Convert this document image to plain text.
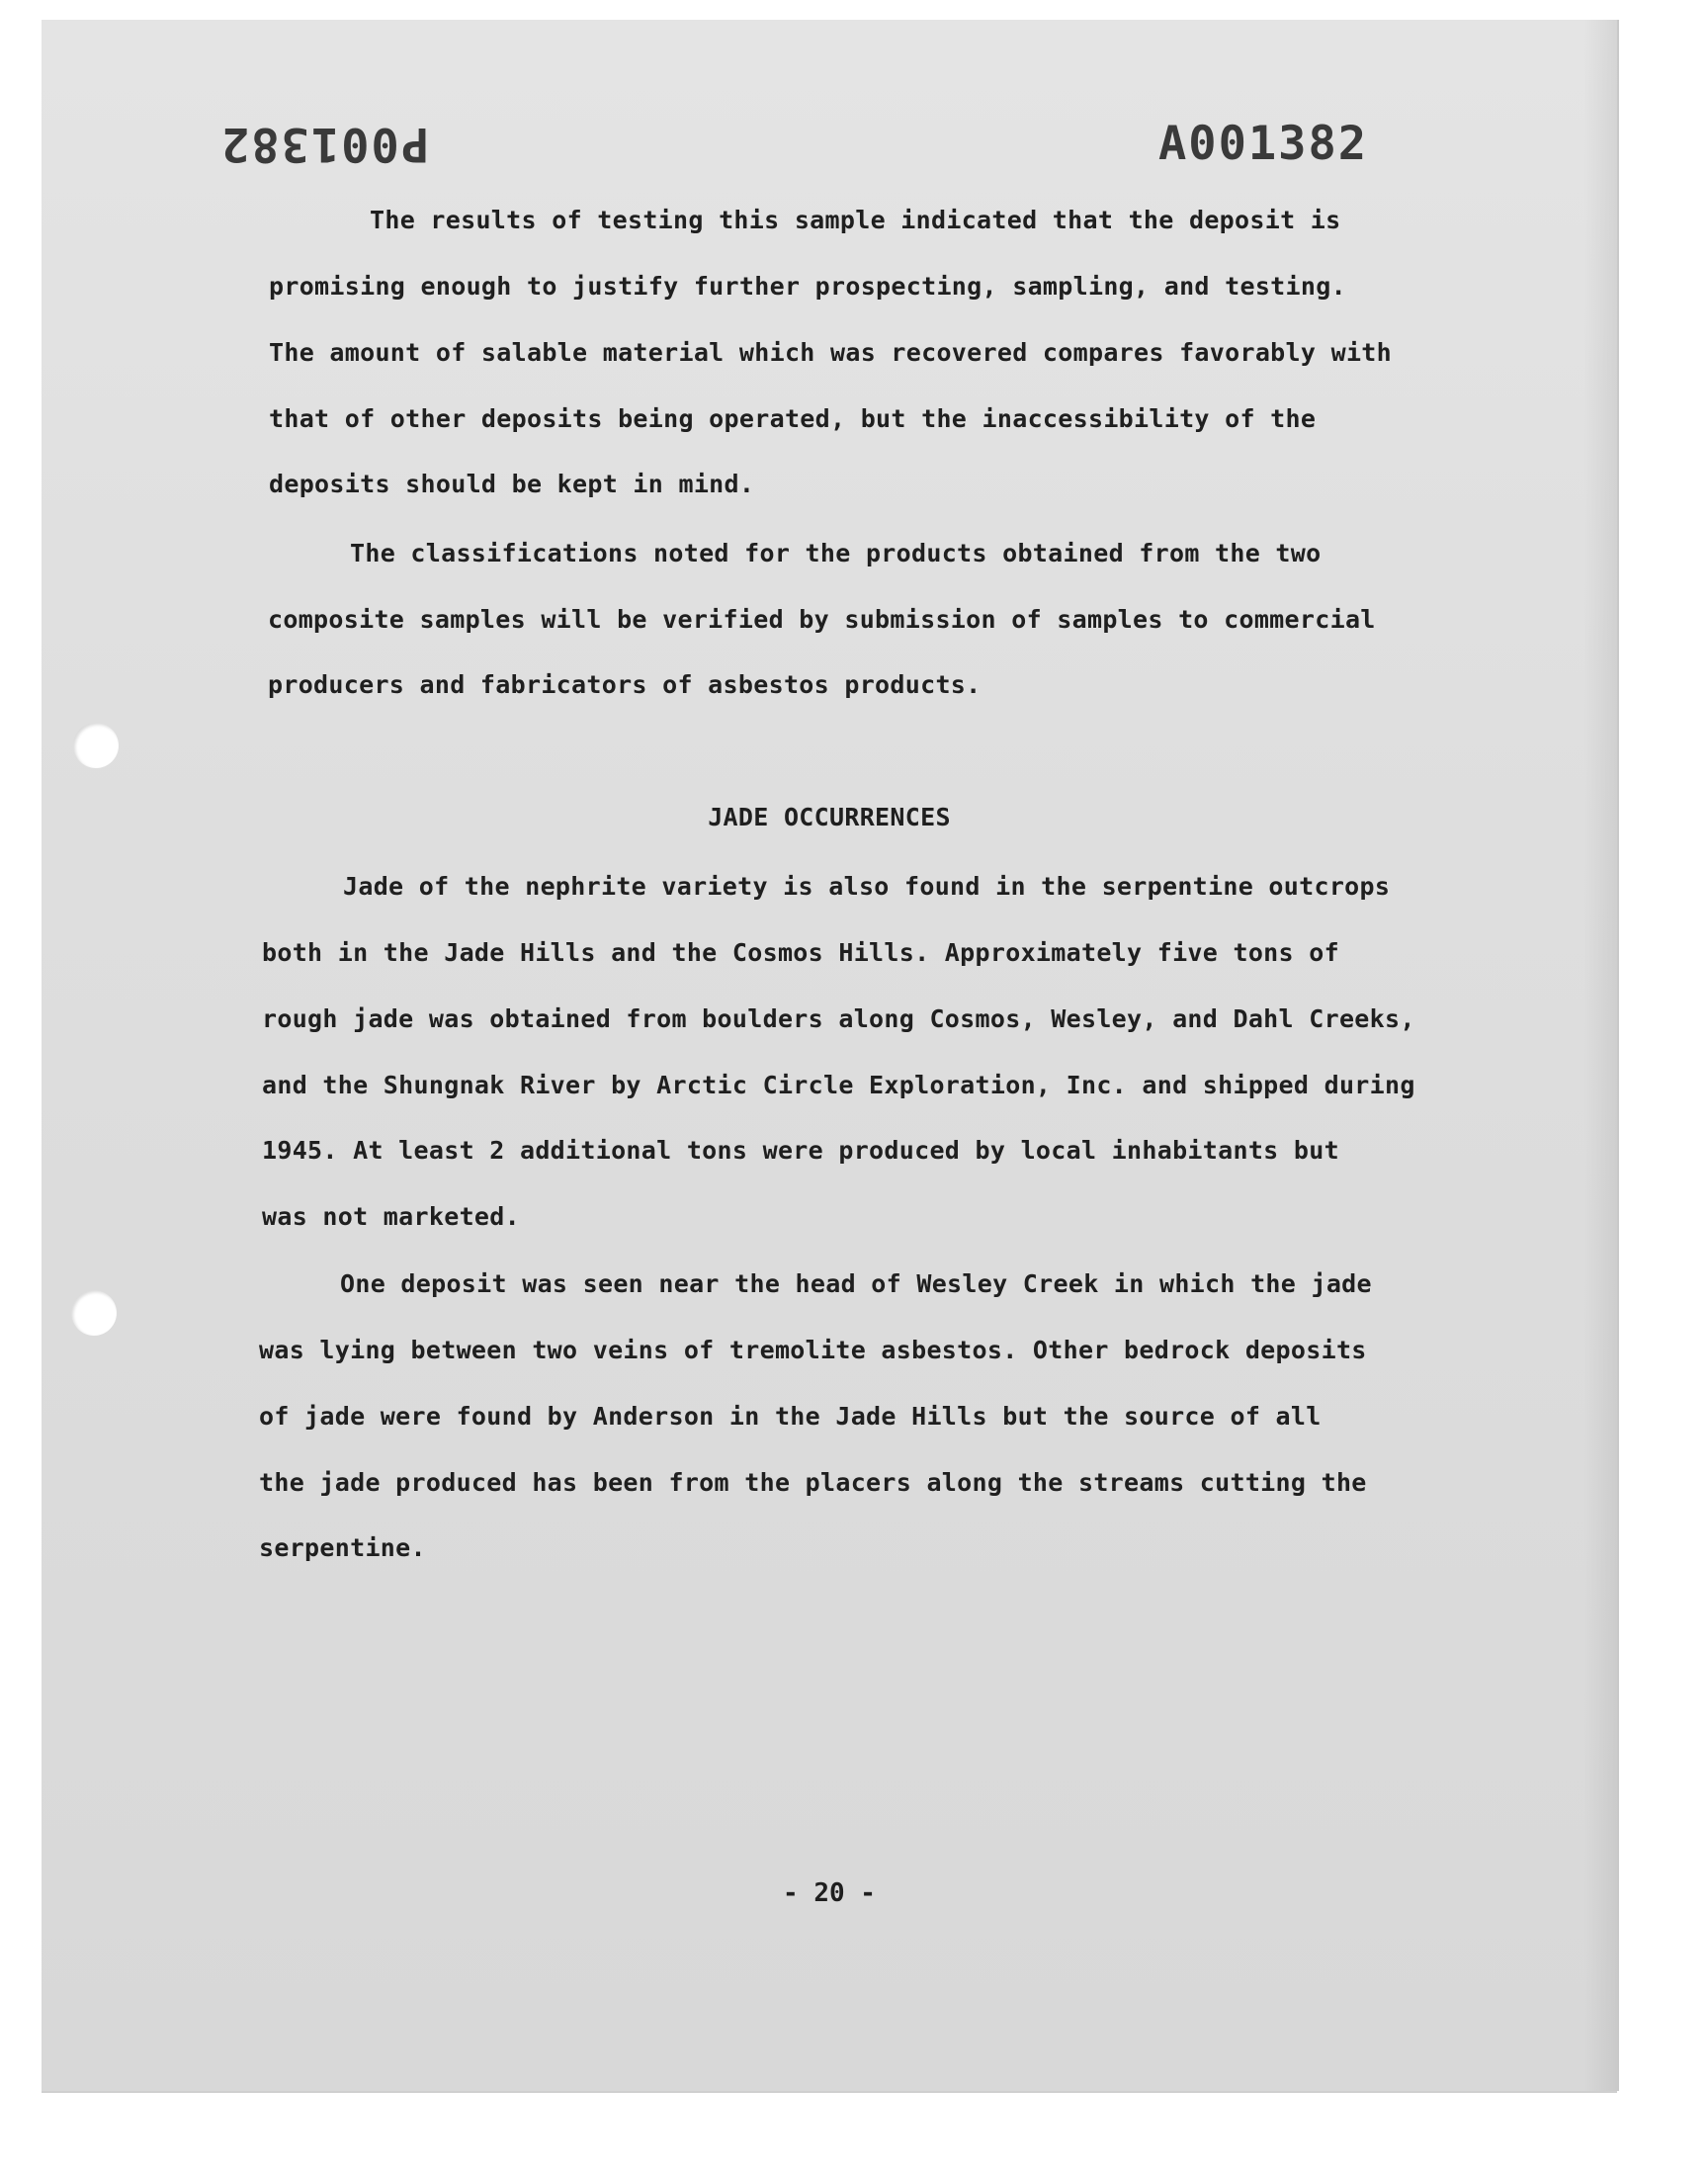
P001382	A001382
The results of testing this sample indicated that the deposit is
promising enough to justify further prospecting, sampling, and testing.
The amount of salable material which was recovered compares favorably with
that of other deposits being operated, but the inaccessibility of the
deposits should be kept in mind.
The classifications noted for the products obtained from the two
composite samples will be verified by submission of samples to commercial
producers and fabricators of asbestos products.
JADE OCCURRENCES
Jade of the nephrite variety is also found in the serpentine outcrops
both in the Jade Hills and the Cosmos Hills. Approximately five tons of
rough jade was obtained from boulders along Cosmos, Wesley, and Dahl Creeks,
and the Shungnak River by Arctic Circle Exploration, Inc. and shipped during
1945. At least 2 additional tons were produced by local inhabitants but
was not marketed.
One deposit was seen near the head of Wesley Creek in which the jade
was lying between two veins of tremolite asbestos. Other bedrock deposits
of jade were found by Anderson in the Jade Hills but the source of all
the jade produced has been from the placers along the streams cutting the
serpentine.
- 20 -
